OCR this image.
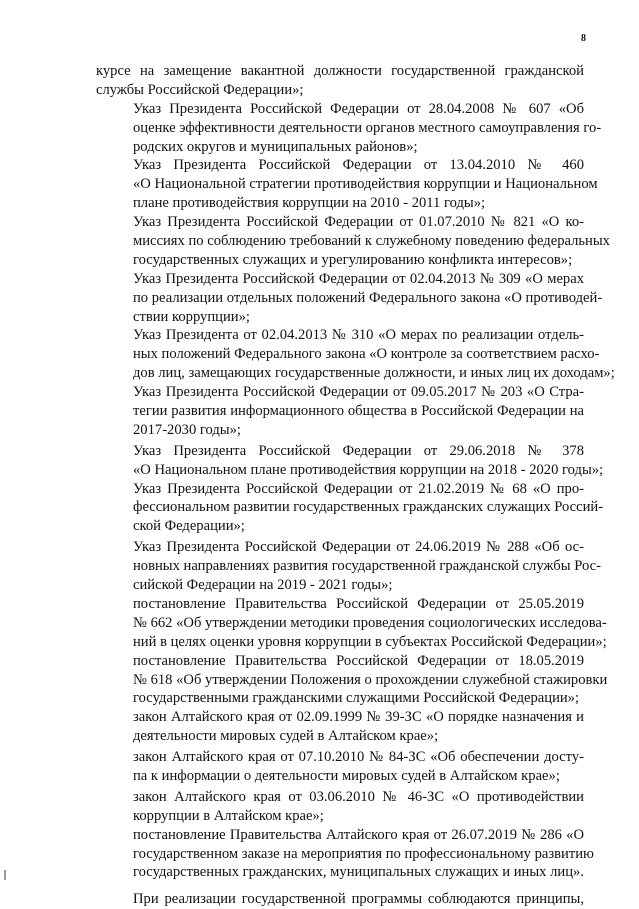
8

курсе на замещение вакантной должности государственной гражданской
службы Российской Федерации»;

Указ Президента Российской Федерации от 28.04.2008 № 607 «Об
оценке эффективности деятельности органов местного самоуправления го-
родских округов и муниципальных районов»;

Указ Президента Российской Федерации от 13.04.2010 № 460
«О Национальной стратегии противодействия коррупции и Национальном
плане противодействия коррупции на 2010 - 2011 годы»;

Указ Президента Российской Федерации от 01.07.2010 № 821 «О ко-
миссиях по соблюдению требований к служебному поведению федеральных
государственных служащих и урегулированию конфликта интересов»;

Указ Президента Российской Федерации от 02.04.2013 № 309 «О мерах
по реализации отдельных положений Федерального закона «О противодей-
ствии коррупции»;

Указ Президента от 02.04.2013 № 310 «О мерах по реализации отдель-
ных положений Федерального закона «О контроле за соответствием расхо-
дов лиц, замещающих государственные должности, и иных лиц их доходам»;

Указ Президента Российской Федерации от 09.05.2017 № 203 «О Стра-
тегии развития информационного общества в Российской Федерации на
2017-2030 годы»;

Указ Президента Российской Федерации от 29.06.2018 № 378
«О Национальном плане противодействия коррупции на 2018 - 2020 годы»;

Указ Президента Российской Федерации от 21.02.2019 № 68 «О про-
фессиональном развитии государственных гражданских служащих Россий-
ской Федерации»;

Указ Президента Российской Федерации от 24.06.2019 № 288 «Об ос-
новных направлениях развития государственной гражданской службы Рос-
сийской Федерации на 2019 - 2021 годы»;

постановление Правительства Российской Федерации от 25.05.2019
№ 662 «Об утверждении методики проведения социологических исследова-
ний в целях оценки уровня коррупции в субъектах Российской Федерации»;

постановление Правительства Российской Федерации от 18.05.2019
№ 618 «Об утверждении Положения о прохождении служебной стажировки
государственными гражданскими служащими Российской Федерации»;

закон Алтайского края от 02.09.1999 № 39-ЗС «О порядке назначения и
деятельности мировых судей в Алтайском крае»;

закон Алтайского края от 07.10.2010 № 84-ЗС «Об обеспечении досту-
па к информации о деятельности мировых судей в Алтайском крае»;

закон Алтайского края от 03.06.2010 № 46-ЗС «О противодействии
коррупции в Алтайском крае»;

постановление Правительства Алтайского края от 26.07.2019 № 286 «О
государственном заказе на мероприятия по профессиональному развитию
государственных гражданских, муниципальных служащих и иных лиц».

При реализации государственной программы соблюдаются принципы,
